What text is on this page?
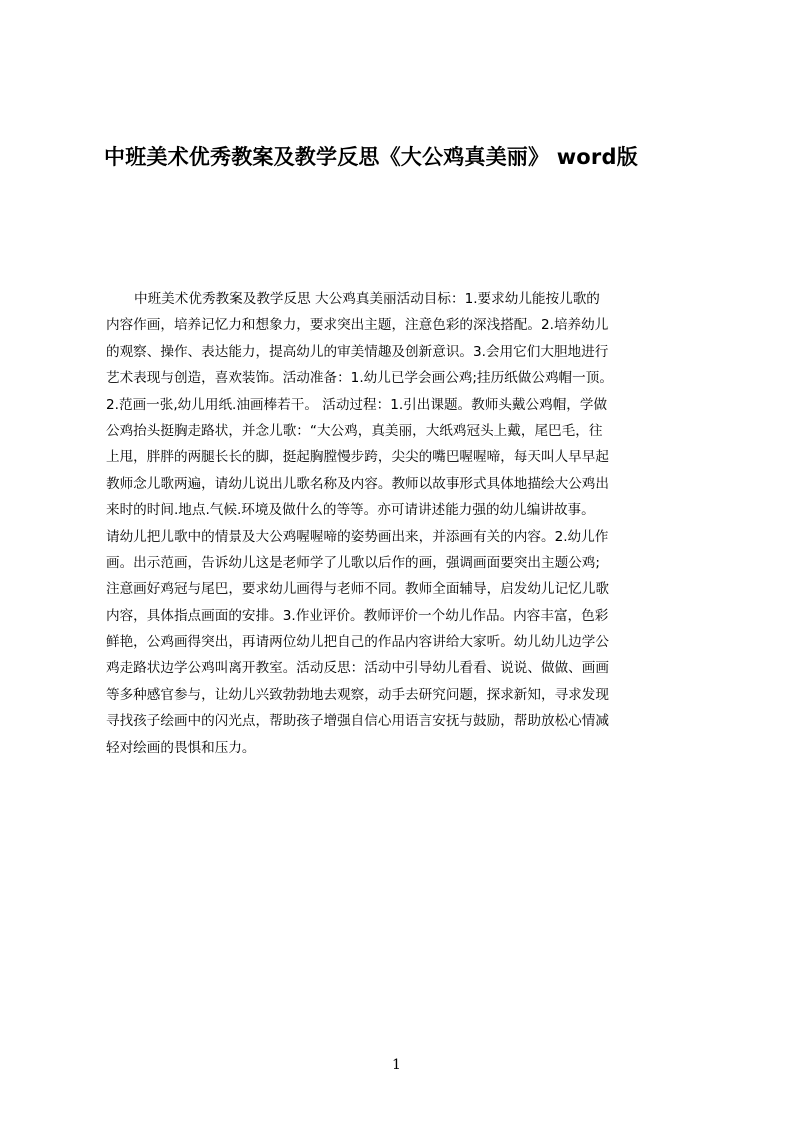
中班美术优秀教案及教学反思《大公鸡真美丽》 word版
中班美术优秀教案及教学反思 大公鸡真美丽活动目标：1.要求幼儿能按儿歌的
内容作画，培养记忆力和想象力，要求突出主题，注意色彩的深浅搭配。2.培养幼儿
的观察、操作、表达能力，提高幼儿的审美情趣及创新意识。3.会用它们大胆地进行
艺术表现与创造，喜欢装饰。活动准备：1.幼儿已学会画公鸡;挂历纸做公鸡帽一顶。
2.范画一张,幼儿用纸.油画棒若干。 活动过程：1.引出课题。教师头戴公鸡帽，学做
公鸡抬头挺胸走路状，并念儿歌：“大公鸡，真美丽，大纸鸡冠头上戴，尾巴毛，往
上甩，胖胖的两腿长长的脚，挺起胸膛慢步跨，尖尖的嘴巴喔喔啼，每天叫人早早起
教师念儿歌两遍，请幼儿说出儿歌名称及内容。教师以故事形式具体地描绘大公鸡出
来时的时间.地点.气候.环境及做什么的等等。亦可请讲述能力强的幼儿编讲故事。
请幼儿把儿歌中的情景及大公鸡喔喔啼的姿势画出来，并添画有关的内容。2.幼儿作
画。出示范画，告诉幼儿这是老师学了儿歌以后作的画，强调画面要突出主题公鸡;
注意画好鸡冠与尾巴，要求幼儿画得与老师不同。教师全面辅导，启发幼儿记忆儿歌
内容，具体指点画面的安排。3.作业评价。教师评价一个幼儿作品。内容丰富，色彩
鲜艳，公鸡画得突出，再请两位幼儿把自己的作品内容讲给大家听。幼儿幼儿边学公
鸡走路状边学公鸡叫离开教室。活动反思：活动中引导幼儿看看、说说、做做、画画
等多种感官参与，让幼儿兴致勃勃地去观察，动手去研究问题，探求新知，寻求发现
寻找孩子绘画中的闪光点，帮助孩子增强自信心用语言安抚与鼓励，帮助放松心情减
轻对绘画的畏惧和压力。
1
